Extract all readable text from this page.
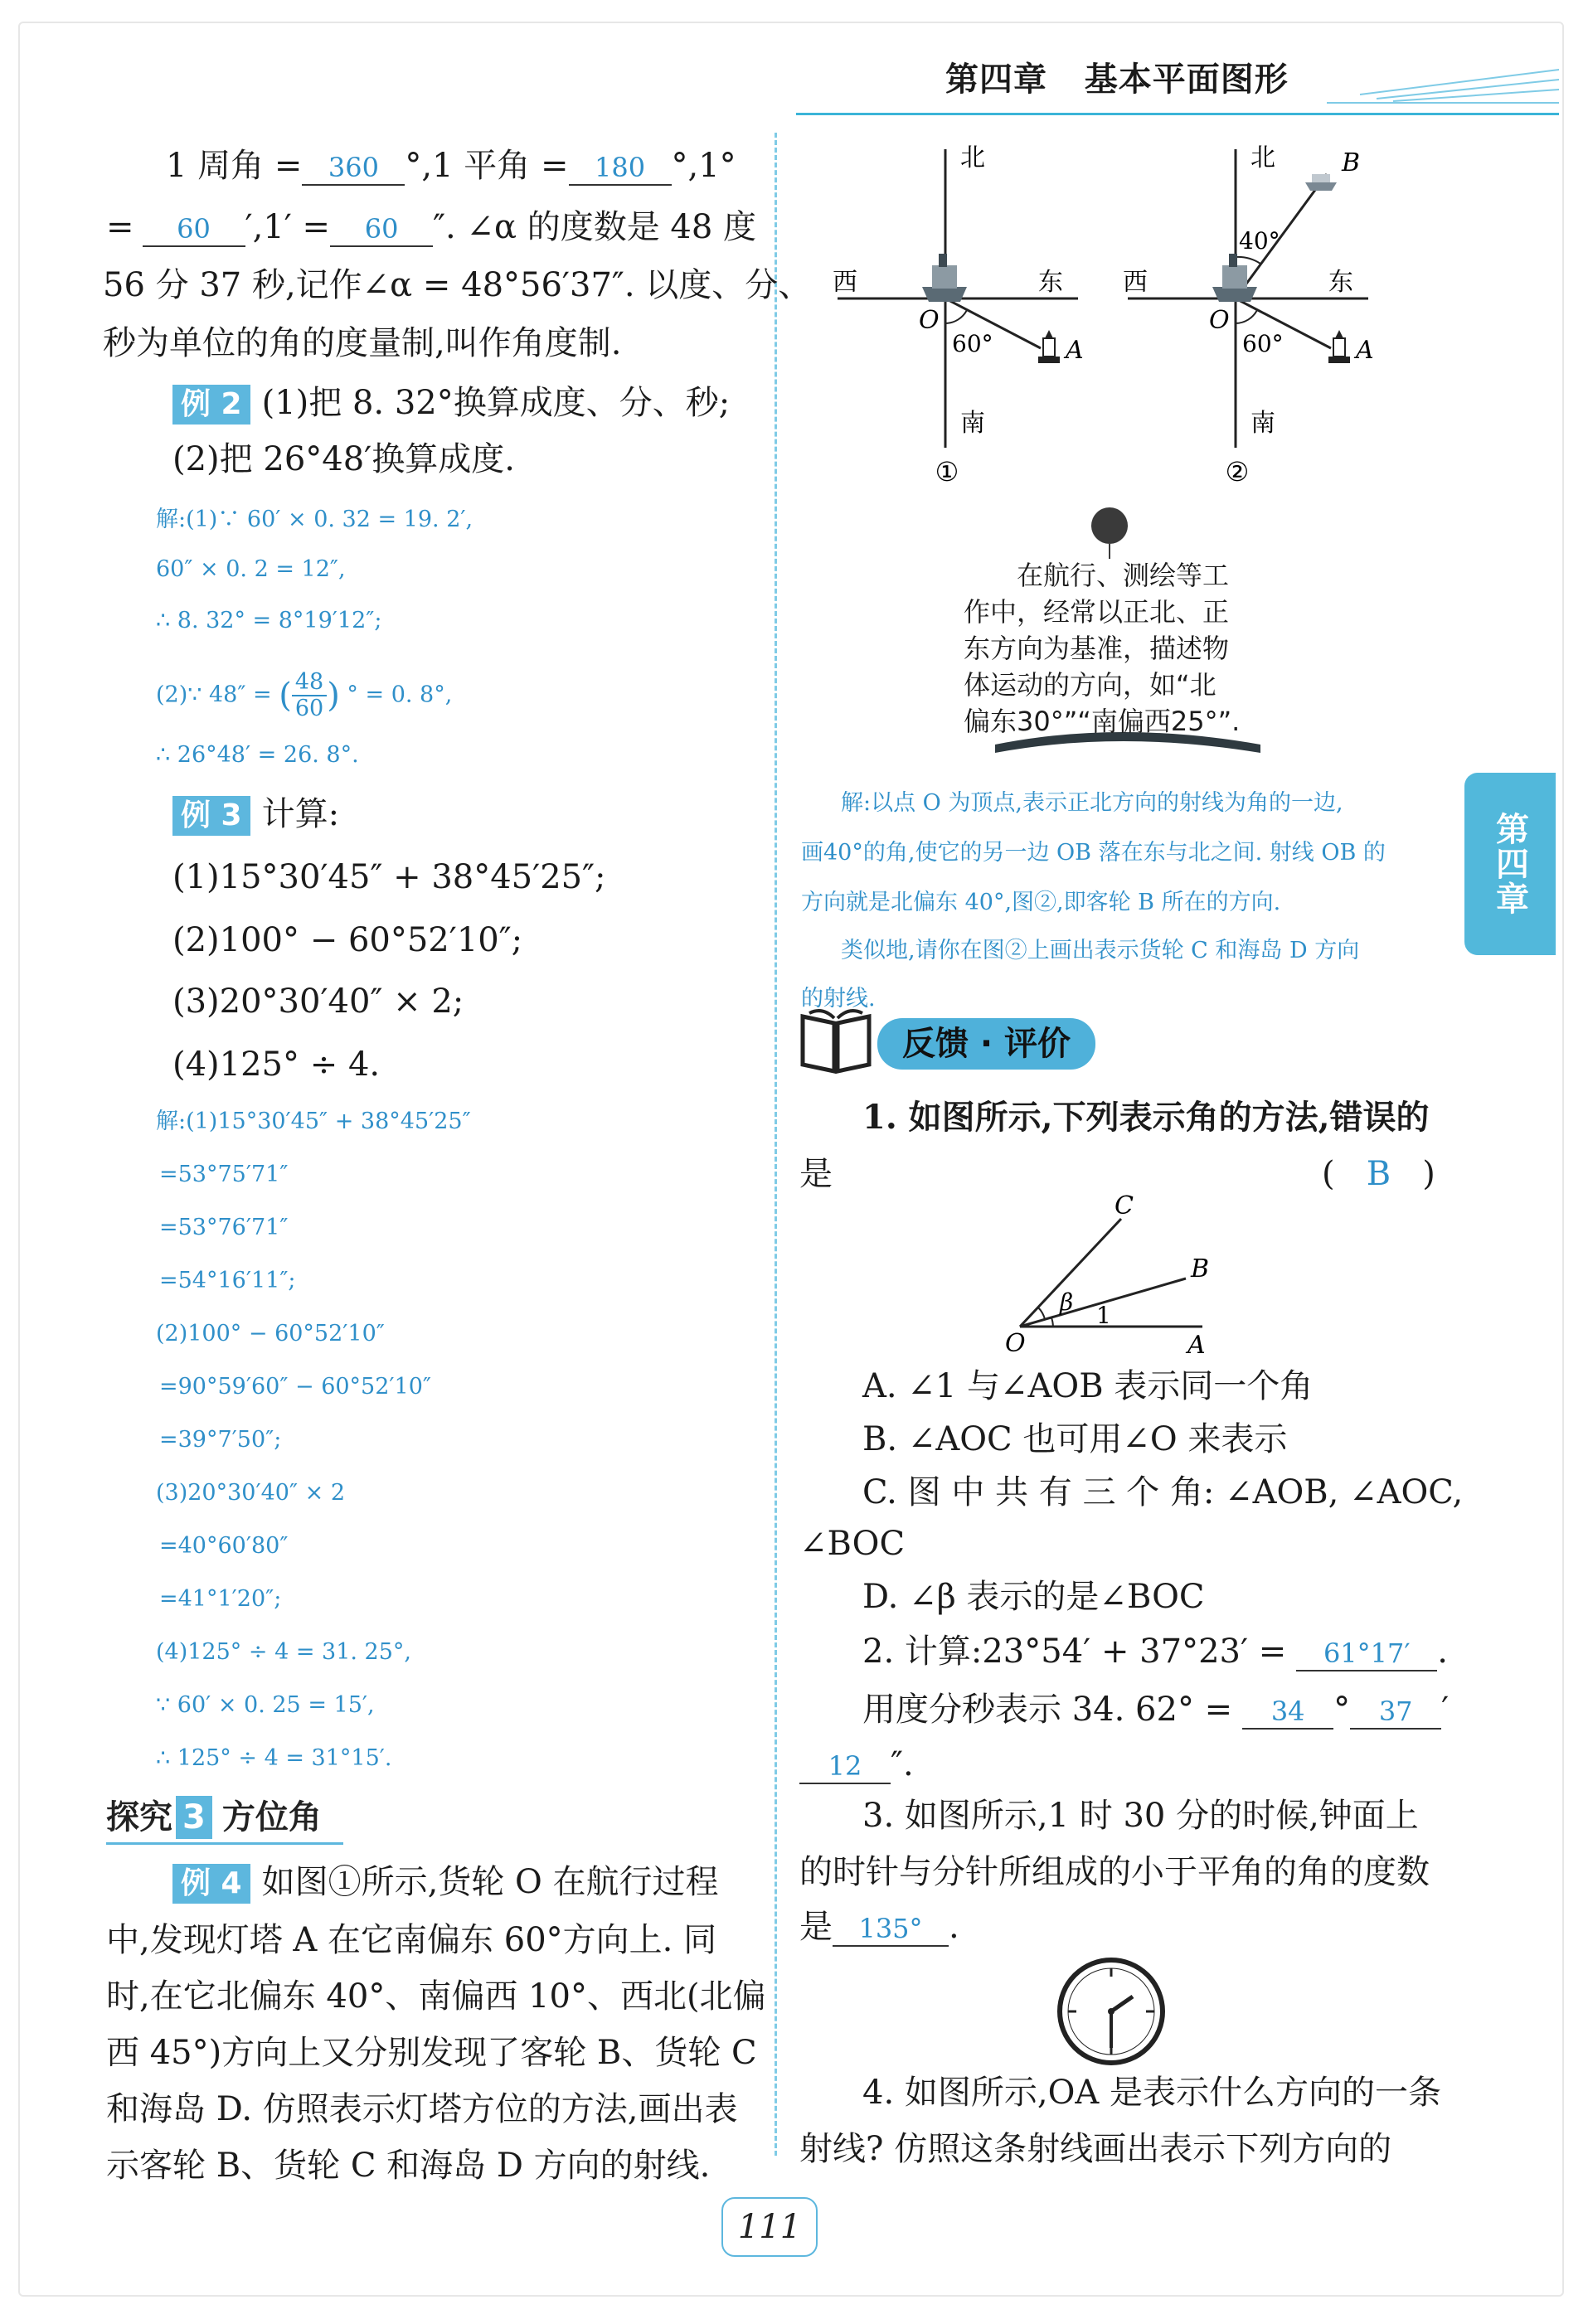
第四章 基本平面图形
第四章
1 周角 = 360 °,1 平角 = 180 °,1°
= 60 ′,1′ = 60 ″. ∠α 的度数是 48 度
56 分 37 秒,记作∠α = 48°56′37″. 以度、分、
秒为单位的角的度量制,叫作角度制.
例 2 (1)把 8. 32°换算成度、分、秒;
(2)把 26°48′换算成度.
解:(1)∵ 60′ × 0. 32 = 19. 2′,
60″ × 0. 2 = 12″,
∴ 8. 32° = 8°19′12″;
(2)∵ 48″ = ( $\frac{48}{60}$ ) ° = 0. 8°,
∴ 26°48′ = 26. 8°.
例 3 计算:
(1)15°30′45″ + 38°45′25″;
(2)100° − 60°52′10″;
(3)20°30′40″ × 2;
(4)125° ÷ 4.
解:(1)15°30′45″ + 38°45′25″
=53°75′71″
=53°76′71″
=54°16′11″;
(2)100° − 60°52′10″
=90°59′60″ − 60°52′10″
=39°7′50″;
(3)20°30′40″ × 2
=40°60′80″
=41°1′20″;
(4)125° ÷ 4 = 31. 25°,
∵ 60′ × 0. 25 = 15′,
∴ 125° ÷ 4 = 31°15′.
探究 3 方位角
例 4 如图①所示,货轮 O 在航行过程
中,发现灯塔 A 在它南偏东 60°方向上. 同
时,在它北偏东 40°、南偏西 10°、西北(北偏
西 45°)方向上又分别发现了客轮 B、货轮 C
和海岛 D. 仿照表示灯塔方位的方法,画出表
示客轮 B、货轮 C 和海岛 D 方向的射线.
北
南
东
西
O
A
60°
①
北
南
东
西
O
A
B
40°
60°
②
在航行、测绘等工
作中，经常以正北、正
东方向为基准，描述物
体运动的方向，如“北
偏东30°”“南偏西25°”.
解:以点 O 为顶点,表示正北方向的射线为角的一边,
画40°的角,使它的另一边 OB 落在东与北之间. 射线 OB 的
方向就是北偏东 40°,图②,即客轮 B 所在的方向.
类似地,请你在图②上画出表示货轮 C 和海岛 D 方向
的射线.
反馈 · 评价
1. 如图所示,下列表示角的方法,错误的
是	(   B   )
C
B
O	A
β 1
A. ∠1 与∠AOB 表示同一个角
B. ∠AOC 也可用∠O 来表示
C. 图 中 共 有 三 个 角: ∠AOB, ∠AOC,
∠BOC
D. ∠β 表示的是∠BOC
2. 计算:23°54′ + 37°23′ = 61°17′ .
用度分秒表示 34. 62° = 34 ° 37 ′
12 ″.
3. 如图所示,1 时 30 分的时候,钟面上
的时针与分针所组成的小于平角的角的度数
是 135° .
4. 如图所示,OA 是表示什么方向的一条
射线? 仿照这条射线画出表示下列方向的
111
